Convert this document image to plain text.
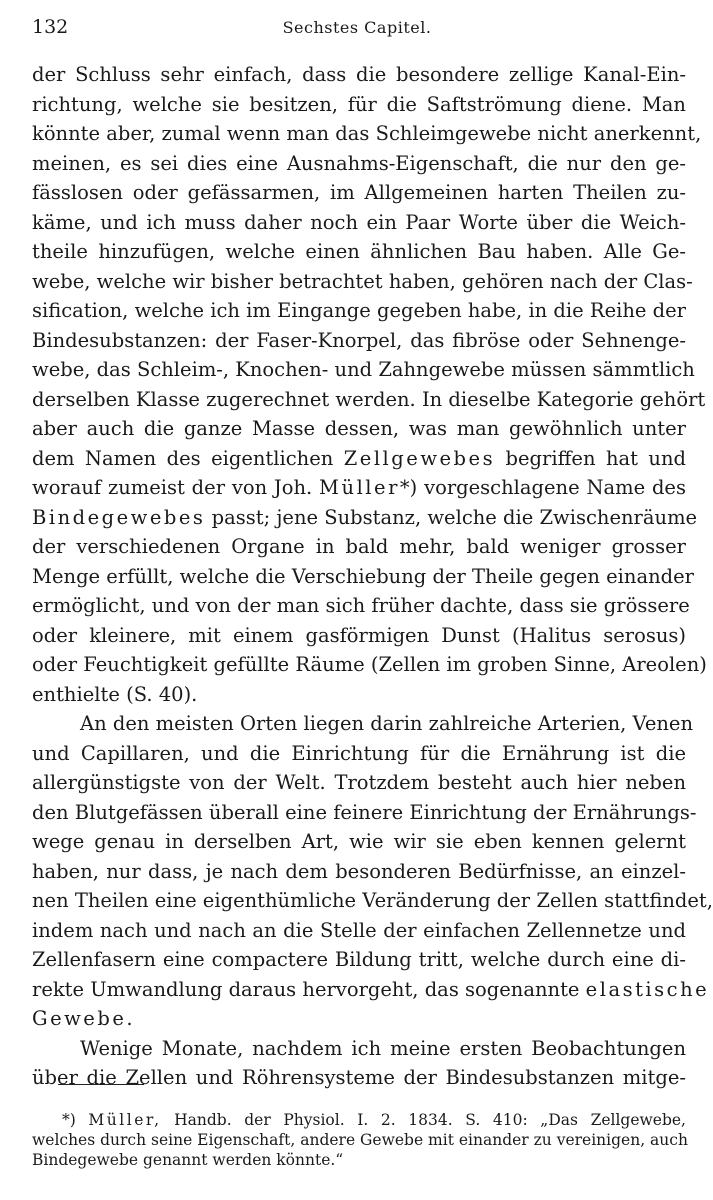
132	Sechstes Capitel.
der Schluss sehr einfach, dass die besondere zellige Kanal-Ein-
richtung, welche sie besitzen, für die Saftströmung diene. Man
könnte aber, zumal wenn man das Schleimgewebe nicht anerkennt,
meinen, es sei dies eine Ausnahms-Eigenschaft, die nur den ge-
fässlosen oder gefässarmen, im Allgemeinen harten Theilen zu-
käme, und ich muss daher noch ein Paar Worte über die Weich-
theile hinzufügen, welche einen ähnlichen Bau haben. Alle Ge-
webe, welche wir bisher betrachtet haben, gehören nach der Clas-
sification, welche ich im Eingange gegeben habe, in die Reihe der
Bindesubstanzen: der Faser-Knorpel, das fibröse oder Sehnenge-
webe, das Schleim-, Knochen- und Zahngewebe müssen sämmtlich
derselben Klasse zugerechnet werden. In dieselbe Kategorie gehört
aber auch die ganze Masse dessen, was man gewöhnlich unter
dem Namen des eigentlichen Zellgewebes begriffen hat und
worauf zumeist der von Joh. Müller*) vorgeschlagene Name des
Bindegewebes passt; jene Substanz, welche die Zwischenräume
der verschiedenen Organe in bald mehr, bald weniger grosser
Menge erfüllt, welche die Verschiebung der Theile gegen einander
ermöglicht, und von der man sich früher dachte, dass sie grössere
oder kleinere, mit einem gasförmigen Dunst (Halitus serosus)
oder Feuchtigkeit gefüllte Räume (Zellen im groben Sinne, Areolen)
enthielte (S. 40).
An den meisten Orten liegen darin zahlreiche Arterien, Venen
und Capillaren, und die Einrichtung für die Ernährung ist die
allergünstigste von der Welt. Trotzdem besteht auch hier neben
den Blutgefässen überall eine feinere Einrichtung der Ernährungs-
wege genau in derselben Art, wie wir sie eben kennen gelernt
haben, nur dass, je nach dem besonderen Bedürfnisse, an einzel-
nen Theilen eine eigenthümliche Veränderung der Zellen stattfindet,
indem nach und nach an die Stelle der einfachen Zellennetze und
Zellenfasern eine compactere Bildung tritt, welche durch eine di-
rekte Umwandlung daraus hervorgeht, das sogenannte elastische
Gewebe.
Wenige Monate, nachdem ich meine ersten Beobachtungen
über die Zellen und Röhrensysteme der Bindesubstanzen mitge-
*) Müller, Handb. der Physiol. I. 2. 1834. S. 410: „Das Zellgewebe,
welches durch seine Eigenschaft, andere Gewebe mit einander zu vereinigen, auch
Bindegewebe genannt werden könnte.“
